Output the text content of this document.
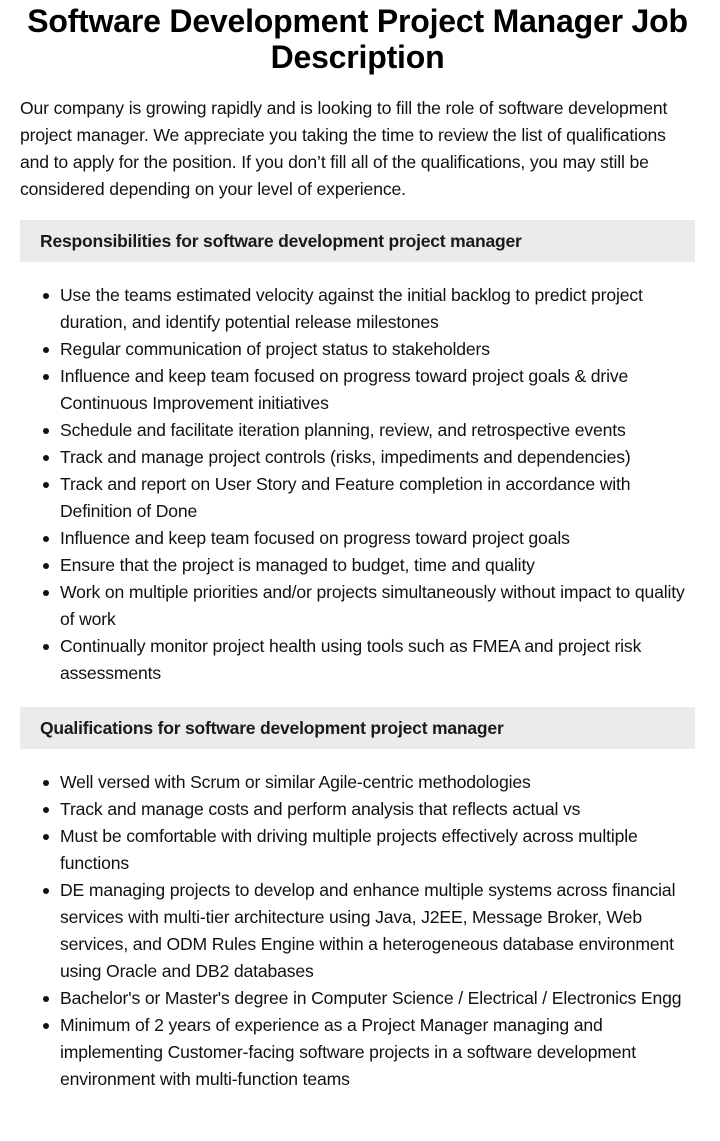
Software Development Project Manager Job Description

Our company is growing rapidly and is looking to fill the role of software development project manager. We appreciate you taking the time to review the list of qualifications and to apply for the position. If you don’t fill all of the qualifications, you may still be considered depending on your level of experience.

Responsibilities for software development project manager
Use the teams estimated velocity against the initial backlog to predict project duration, and identify potential release milestones
Regular communication of project status to stakeholders
Influence and keep team focused on progress toward project goals & drive Continuous Improvement initiatives
Schedule and facilitate iteration planning, review, and retrospective events
Track and manage project controls (risks, impediments and dependencies)
Track and report on User Story and Feature completion in accordance with Definition of Done
Influence and keep team focused on progress toward project goals
Ensure that the project is managed to budget, time and quality
Work on multiple priorities and/or projects simultaneously without impact to quality of work
Continually monitor project health using tools such as FMEA and project risk assessments
Qualifications for software development project manager
Well versed with Scrum or similar Agile-centric methodologies
Track and manage costs and perform analysis that reflects actual vs
Must be comfortable with driving multiple projects effectively across multiple functions
DE managing projects to develop and enhance multiple systems across financial services with multi-tier architecture using Java, J2EE, Message Broker, Web services, and ODM Rules Engine within a heterogeneous database environment using Oracle and DB2 databases
Bachelor's or Master's degree in Computer Science / Electrical / Electronics Engg
Minimum of 2 years of experience as a Project Manager managing and implementing Customer-facing software projects in a software development environment with multi-function teams
